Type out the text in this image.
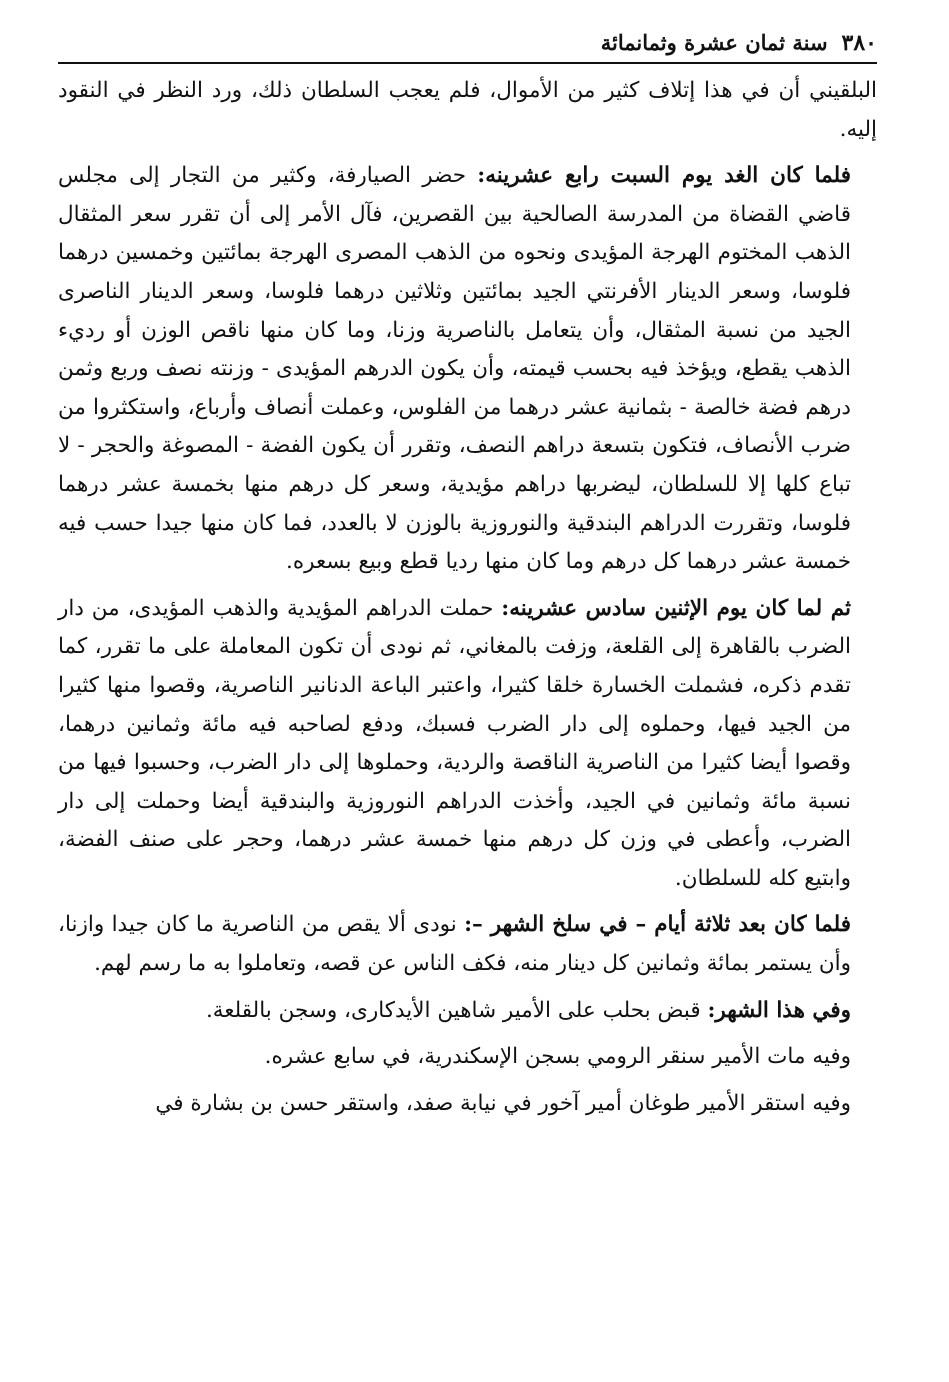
٣٨٠
سنة ثمان عشرة وثمانمائة

البلقيني أن في هذا إتلاف كثير من الأموال، فلم يعجب السلطان ذلك، ورد النظر في النقود إليه.

فلما كان الغد يوم السبت رابع عشرينه: حضر الصيارفة، وكثير من التجار إلى مجلس قاضي القضاة من المدرسة الصالحية بين القصرين، فآل الأمر إلى أن تقرر سعر المثقال الذهب المختوم الهرجة المؤيدى ونحوه من الذهب المصرى الهرجة بمائتين وخمسين درهما فلوسا، وسعر الدينار الأفرنتي الجيد بمائتين وثلاثين درهما فلوسا، وسعر الدينار الناصرى الجيد من نسبة المثقال، وأن يتعامل بالناصرية وزنا، وما كان منها ناقص الوزن أو رديء الذهب يقطع، ويؤخذ فيه بحسب قيمته، وأن يكون الدرهم المؤيدى - وزنته نصف وربع وثمن درهم فضة خالصة - بثمانية عشر درهما من الفلوس، وعملت أنصاف وأرباع، واستكثروا من ضرب الأنصاف، فتكون بتسعة دراهم النصف، وتقرر أن يكون الفضة - المصوغة والحجر - لا تباع كلها إلا للسلطان، ليضربها دراهم مؤيدية، وسعر كل درهم منها بخمسة عشر درهما فلوسا، وتقررت الدراهم البندقية والنوروزية بالوزن لا بالعدد، فما كان منها جيدا حسب فيه خمسة عشر درهما كل درهم وما كان منها رديا قطع وبيع بسعره.

ثم لما كان يوم الإثنين سادس عشرينه: حملت الدراهم المؤيدية والذهب المؤيدى، من دار الضرب بالقاهرة إلى القلعة، وزفت بالمغاني، ثم نودى أن تكون المعاملة على ما تقرر، كما تقدم ذكره، فشملت الخسارة خلقا كثيرا، واعتبر الباعة الدنانير الناصرية، وقصوا منها كثيرا من الجيد فيها، وحملوه إلى دار الضرب فسبك، ودفع لصاحبه فيه مائة وثمانين درهما، وقصوا أيضا كثيرا من الناصرية الناقصة والردية، وحملوها إلى دار الضرب، وحسبوا فيها من نسبة مائة وثمانين في الجيد، وأخذت الدراهم النوروزية والبندقية أيضا وحملت إلى دار الضرب، وأعطى في وزن كل درهم منها خمسة عشر درهما، وحجر على صنف الفضة، وابتيع كله للسلطان.

فلما كان بعد ثلاثة أيام – في سلخ الشهر –: نودى ألا يقص من الناصرية ما كان جيدا وازنا، وأن يستمر بمائة وثمانين كل دينار منه، فكف الناس عن قصه، وتعاملوا به ما رسم لهم.

وفي هذا الشهر: قبض بحلب على الأمير شاهين الأيدكارى، وسجن بالقلعة.

وفيه مات الأمير سنقر الرومي بسجن الإسكندرية، في سابع عشره.

وفيه استقر الأمير طوغان أمير آخور في نيابة صفد، واستقر حسن بن بشارة في
